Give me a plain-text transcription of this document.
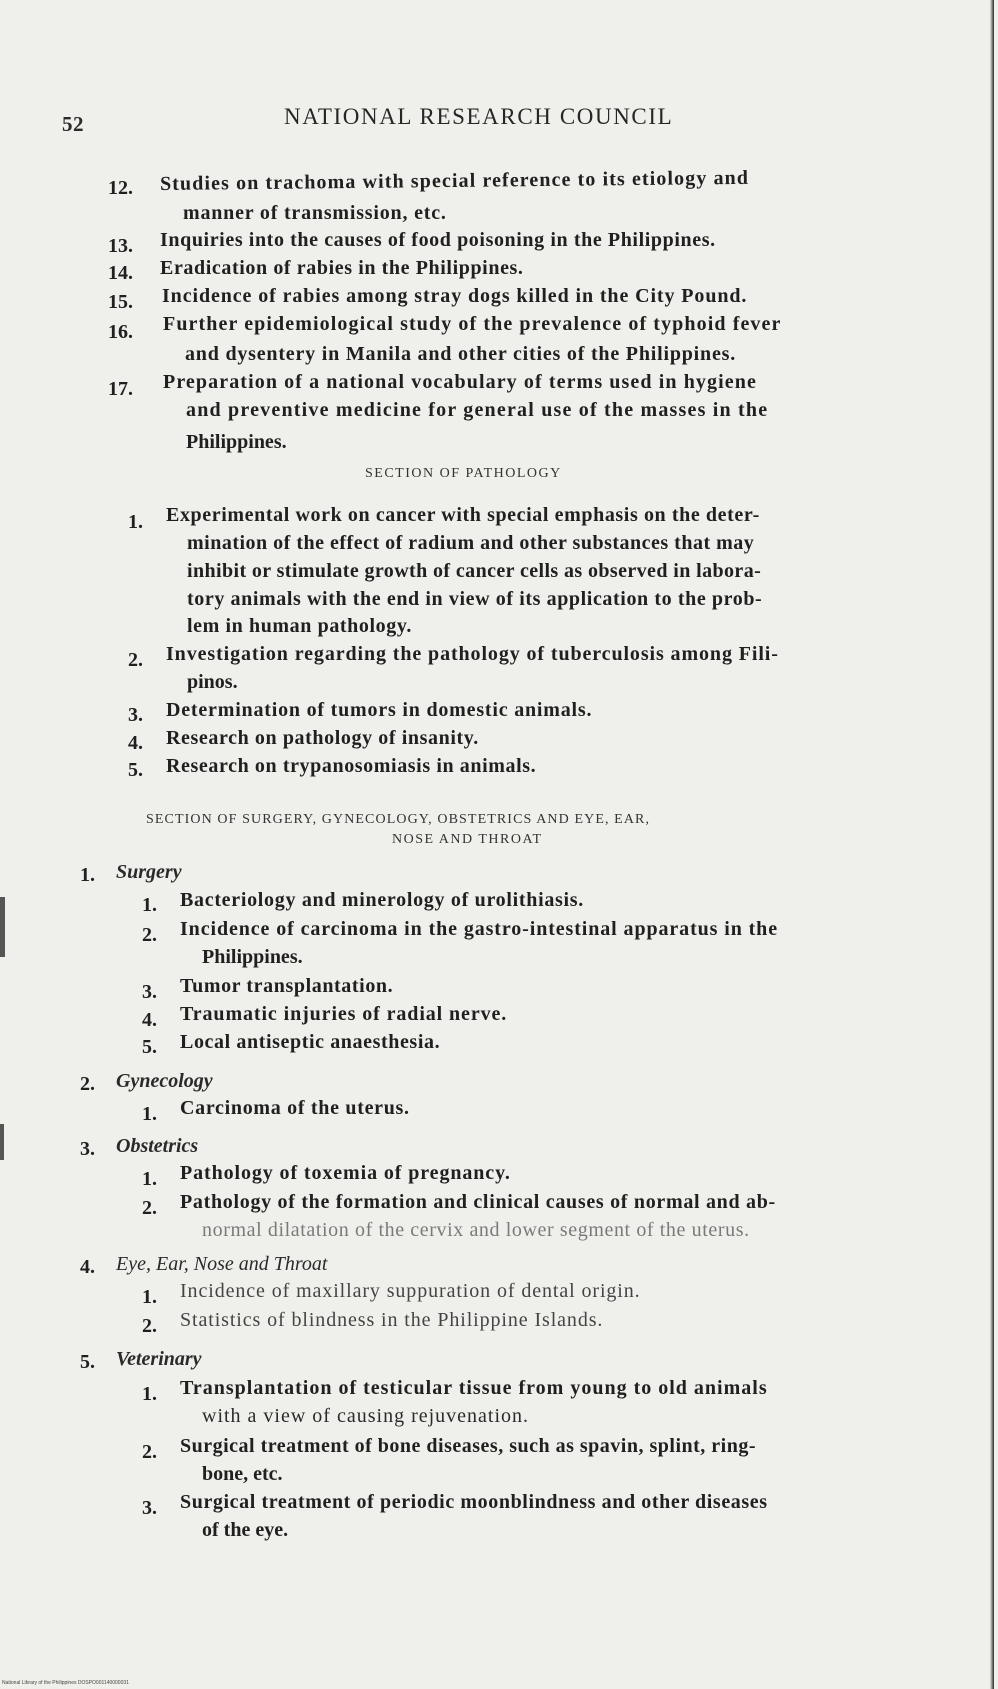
52	NATIONAL RESEARCH COUNCIL
12. Studies on trachoma with special reference to its etiology and
manner of transmission, etc.
13. Inquiries into the causes of food poisoning in the Philippines.
14. Eradication of rabies in the Philippines.
15. Incidence of rabies among stray dogs killed in the City Pound.
16. Further epidemiological study of the prevalence of typhoid fever
and dysentery in Manila and other cities of the Philippines.
17. Preparation of a national vocabulary of terms used in hygiene
and preventive medicine for general use of the masses in the
Philippines.
SECTION OF PATHOLOGY
1. Experimental work on cancer with special emphasis on the deter-
mination of the effect of radium and other substances that may
inhibit or stimulate growth of cancer cells as observed in labora-
tory animals with the end in view of its application to the prob-
lem in human pathology.
2. Investigation regarding the pathology of tuberculosis among Fili-
pinos.
3. Determination of tumors in domestic animals.
4. Research on pathology of insanity.
5. Research on trypanosomiasis in animals.
SECTION OF SURGERY, GYNECOLOGY, OBSTETRICS AND EYE, EAR,
NOSE AND THROAT
1. Surgery
1. Bacteriology and minerology of urolithiasis.
2. Incidence of carcinoma in the gastro-intestinal apparatus in the
Philippines.
3. Tumor transplantation.
4. Traumatic injuries of radial nerve.
5. Local antiseptic anaesthesia.
2. Gynecology
1. Carcinoma of the uterus.
3. Obstetrics
1. Pathology of toxemia of pregnancy.
2. Pathology of the formation and clinical causes of normal and ab-
normal dilatation of the cervix and lower segment of the uterus.
4. Eye, Ear, Nose and Throat
1. Incidence of maxillary suppuration of dental origin.
2. Statistics of blindness in the Philippine Islands.
5. Veterinary
1. Transplantation of testicular tissue from young to old animals
with a view of causing rejuvenation.
2. Surgical treatment of bone diseases, such as spavin, splint, ring-
bone, etc.
3. Surgical treatment of periodic moonblindness and other diseases
of the eye.
National Library of the Philippines DOSPO001140000031
